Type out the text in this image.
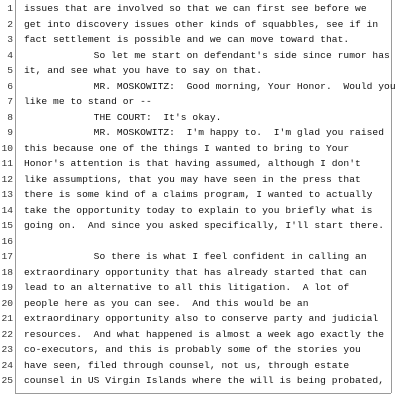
1 issues that are involved so that we can first see before we
2 get into discovery issues other kinds of squabbles, see if in
3 fact settlement is possible and we can move toward that.
4 So let me start on defendant's side since rumor has
5 it, and see what you have to say on that.
6 MR. MOSKOWITZ:  Good morning, Your Honor.  Would you
7 like me to stand or --
8 THE COURT:  It's okay.
9 MR. MOSKOWITZ:  I'm happy to.  I'm glad you raised
10 this because one of the things I wanted to bring to Your
11 Honor's attention is that having assumed, although I don't
12 like assumptions, that you may have seen in the press that
13 there is some kind of a claims program, I wanted to actually
14 take the opportunity today to explain to you briefly what is
15 going on.  And since you asked specifically, I'll start there.
16
17 So there is what I feel confident in calling an
18 extraordinary opportunity that has already started that can
19 lead to an alternative to all this litigation.  A lot of
20 people here as you can see.  And this would be an
21 extraordinary opportunity also to conserve party and judicial
22 resources.  And what happened is almost a week ago exactly the
23 co-executors, and this is probably some of the stories you
24 have seen, filed through counsel, not us, through estate
25 counsel in US Virgin Islands where the will is being probated,
